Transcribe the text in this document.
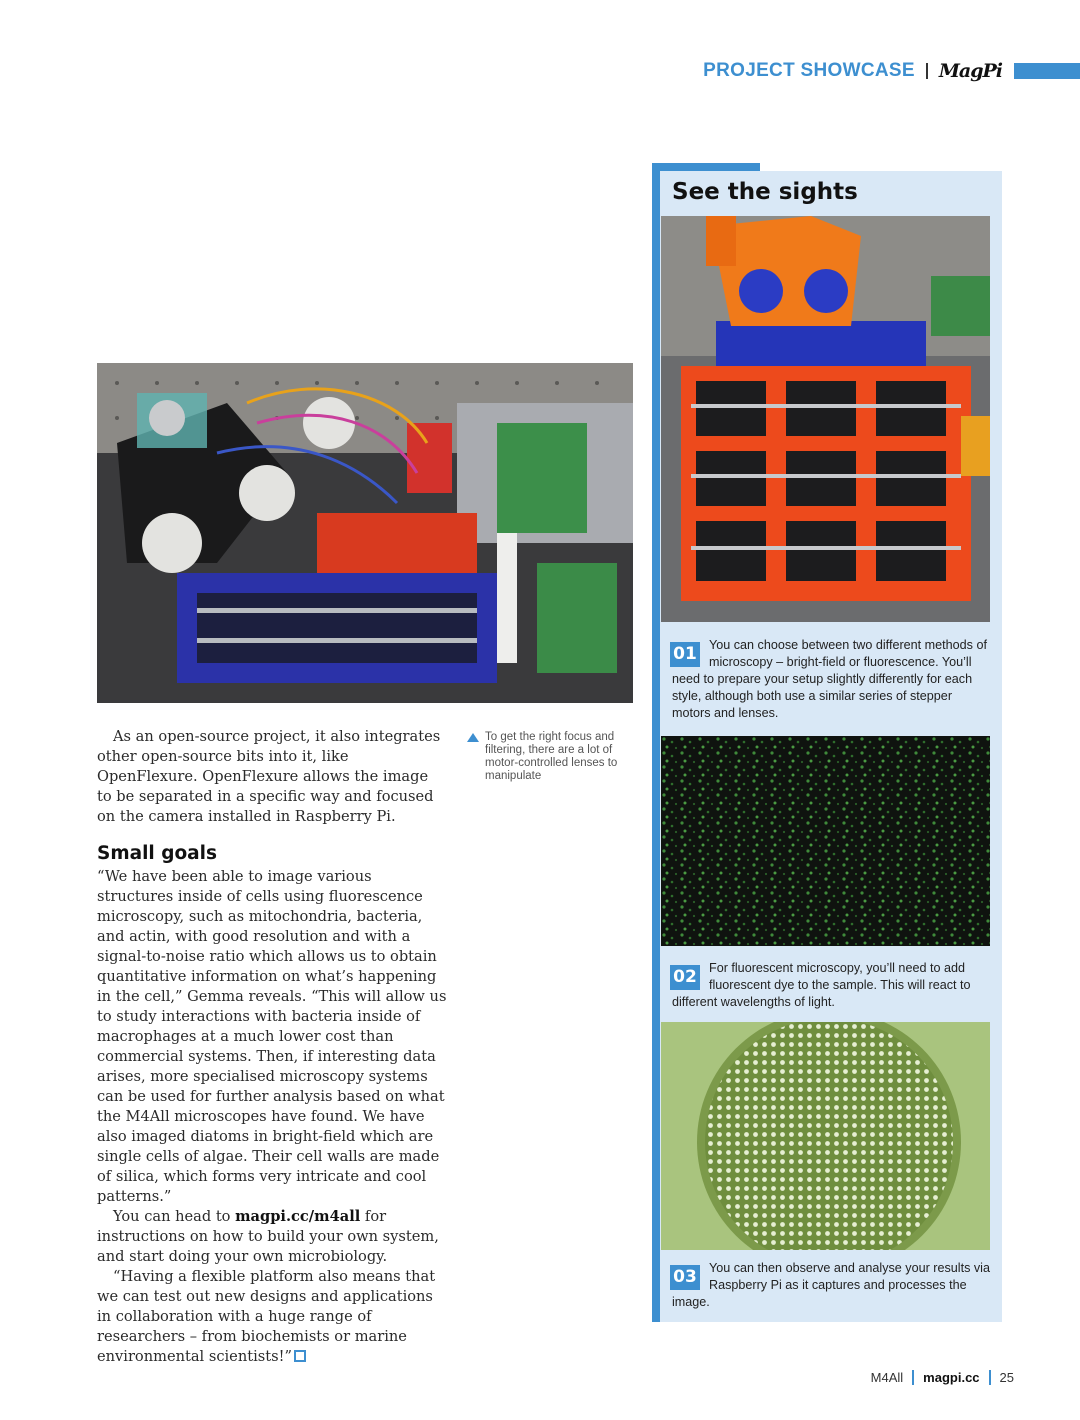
PROJECT SHOWCASE MagPi
To get the right focus and filtering, there are a lot of motor-controlled lenses to manipulate

As an open-source project, it also integrates other open-source bits into it, like OpenFlexure. OpenFlexure allows the image to be separated in a specific way and focused on the camera installed in Raspberry Pi.

Small goals

“We have been able to image various structures inside of cells using fluorescence microscopy, such as mitochondria, bacteria, and actin, with good resolution and with a signal-to-noise ratio which allows us to obtain quantitative information on what’s happening in the cell,” Gemma reveals. “This will allow us to study interactions with bacteria inside of macrophages at a much lower cost than commercial systems. Then, if interesting data arises, more specialised microscopy systems can be used for further analysis based on what the M4All microscopes have found. We have also imaged diatoms in bright-field which are single cells of algae. Their cell walls are made of silica, which forms very intricate and cool patterns.”

You can head to magpi.cc/m4all for instructions on how to build your own system, and start doing your own microbiology.

“Having a flexible platform also means that we can test out new designs and applications in collaboration with a huge range of researchers – from biochemists or marine environmental scientists!”

See the sights
01 You can choose between two different methods of microscopy – bright-field or fluorescence. You’ll need to prepare your setup slightly differently for each style, although both use a similar series of stepper motors and lenses.
02 For fluorescent microscopy, you’ll need to add fluorescent dye to the sample. This will react to different wavelengths of light.
03 You can then observe and analyse your results via Raspberry Pi as it captures and processes the image.
M4All magpi.cc 25
